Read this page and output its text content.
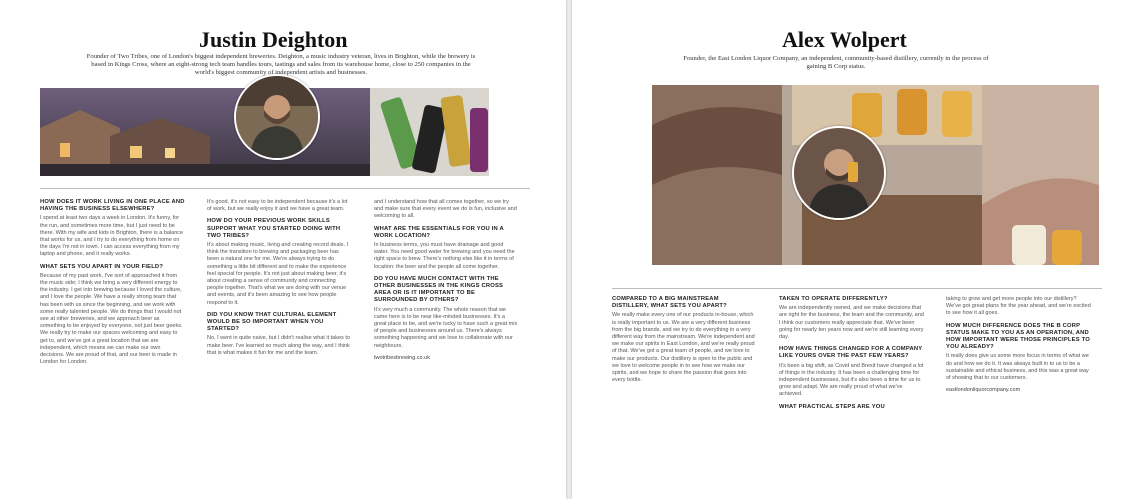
Justin Deighton
Founder of Two Tribes, one of London's biggest independent breweries. Deighton, a music industry veteran, lives in Brighton, while the brewery is based in Kings Cross, where an eight-strong tech team handles tours, tastings and sales from its warehouse home, close to 250 companies in the world's biggest community of independent artists and businesses.
HOW DOES IT WORK LIVING IN ONE PLACE AND HAVING THE BUSINESS ELSEWHERE?

I spend at least two days a week in London. It's funny, for the run, and sometimes more time, but I just need to be there. With my wife and kids in Brighton, there is a balance that works for us, and I try to do everything from home on the days I'm not in town. I can access everything from my laptop and phone, and it really works.

WHAT SETS YOU APART IN YOUR FIELD?

Because of my past work, I've sort of approached it from the music side; I think we bring a very different energy to the industry. I get into brewing because I loved the culture, and I love the people. We have a really strong team that has been with us since the beginning, and we work with some really talented people. We do things that I would not see at other breweries, and we approach beer as something to be enjoyed by everyone, not just beer geeks. We really try to make our spaces welcoming and easy to get to, and we've got a great location that we are independent, which means we can make our own decisions. We are proud of that, and our beer is made in London for London.

It's good, it's not easy to be independent because it's a lot of work, but we really enjoy it and we have a great team.

HOW DO YOUR PREVIOUS WORK SKILLS SUPPORT WHAT YOU STARTED DOING WITH TWO TRIBES?

It's about making music, living and creating record deals. I think the transition to brewing and packaging beer has been a natural one for me. We're always trying to do something a little bit different and to make the experience feel special for people. It's not just about making beer, it's about creating a sense of community and connecting people together. That's what we are doing with our venue and events, and it's been amazing to see how people respond to it.

DID YOU KNOW THAT CULTURAL ELEMENT WOULD BE SO IMPORTANT WHEN YOU STARTED?

No, I went in quite naive, but I didn't realise what it takes to make beer. I've learned so much along the way, and I think that is what makes it fun for me and the team.

and I understand how that all comes together, so we try and make sure that every event we do is fun, inclusive and welcoming to all.

WHAT ARE THE ESSENTIALS FOR YOU IN A WORK LOCATION?

In business terms, you must have drainage and good water. You need good water for brewing and you need the right space to brew. There's nothing else like it in terms of location: the beer and the people all come together.

DO YOU HAVE MUCH CONTACT WITH THE OTHER BUSINESSES IN THE KINGS CROSS AREA OR IS IT IMPORTANT TO BE SURROUNDED BY OTHERS?

It's very much a community. The whole reason that we came here is to be near like-minded businesses. It's a great place to be, and we're lucky to have such a great mix of people and businesses around us. There's always something happening and we love to collaborate with our neighbours.

twotribesbrewing.co.uk
Alex Wolpert
Founder, the East London Liquor Company, an independent, community-based distillery, currently in the process of gaining B Corp status.
COMPARED TO A BIG MAINSTREAM DISTILLERY, WHAT SETS YOU APART?

We really make every one of our products in-house, which is really important to us. We are a very different business from the big brands, and we try to do everything in a very different way from the mainstream. We're independent and we make our spirits in East London, and we're really proud of that. We've got a great team of people, and we love to make our products. Our distillery is open to the public and we love to welcome people in to see how we make our spirits, and we hope to share the passion that goes into every bottle.

TAKEN TO OPERATE DIFFERENTLY?

We are independently owned, and we make decisions that are right for the business, the team and the community, and I think our customers really appreciate that. We've been going for nearly ten years now and we're still learning every day.

HOW HAVE THINGS CHANGED FOR A COMPANY LIKE YOURS OVER THE PAST FEW YEARS?

It's been a big shift, as Covid and Brexit have changed a lot of things in the industry. It has been a challenging time for independent businesses, but it's also been a time for us to grow and adapt. We are really proud of what we've achieved.

WHAT PRACTICAL STEPS ARE YOU

taking to grow and get more people into our distillery? We've got great plans for the year ahead, and we're excited to see how it all goes.

HOW MUCH DIFFERENCE DOES THE B CORP STATUS MAKE TO YOU AS AN OPERATION, AND HOW IMPORTANT WERE THOSE PRINCIPLES TO YOU ALREADY?

It really does give us some more focus in terms of what we do and how we do it. It was always built in to us to be a sustainable and ethical business, and this was a great way of showing that to our customers.

eastlondonliquorcompany.com
